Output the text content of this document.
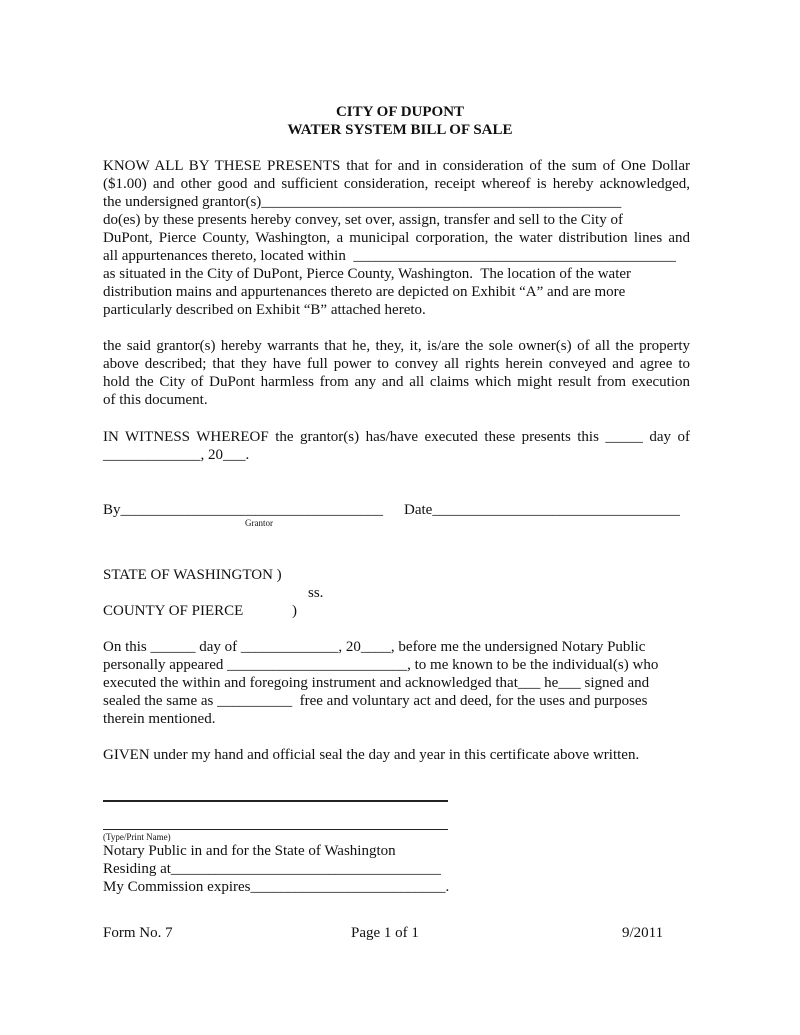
CITY OF DUPONT
WATER SYSTEM BILL OF SALE
KNOW ALL BY THESE PRESENTS that for and in consideration of the sum of One Dollar
($1.00) and other good and sufficient consideration, receipt whereof is hereby acknowledged,
the undersigned grantor(s)________________________________________________
do(es) by these presents hereby convey, set over, assign, transfer and sell to the City of
DuPont, Pierce County, Washington, a municipal corporation, the water distribution lines and
all appurtenances thereto, located within  ___________________________________________
as situated in the City of DuPont, Pierce County, Washington.  The location of the water
distribution mains and appurtenances thereto are depicted on Exhibit “A” and are more
particularly described on Exhibit “B” attached hereto.
the said grantor(s) hereby warrants that he, they, it, is/are the sole owner(s) of all the property
above described; that they have full power to convey all rights herein conveyed and agree to
hold the City of DuPont harmless from any and all claims which might result from execution
of this document.
IN WITNESS WHEREOF the grantor(s) has/have executed these presents this _____ day of
_____________, 20___.
By___________________________________ Date_________________________________
Grantor
STATE OF WASHINGTON )
ss.
COUNTY OF PIERCE	)
On this ______ day of _____________, 20____, before me the undersigned Notary Public
personally appeared ________________________, to me known to be the individual(s) who
executed the within and foregoing instrument and acknowledged that___ he___ signed and
sealed the same as __________  free and voluntary act and deed, for the uses and purposes
therein mentioned.
GIVEN under my hand and official seal the day and year in this certificate above written.
(Type/Print Name)
Notary Public in and for the State of Washington
Residing at____________________________________
My Commission expires__________________________.
Form No. 7	Page 1 of 1	9/2011
